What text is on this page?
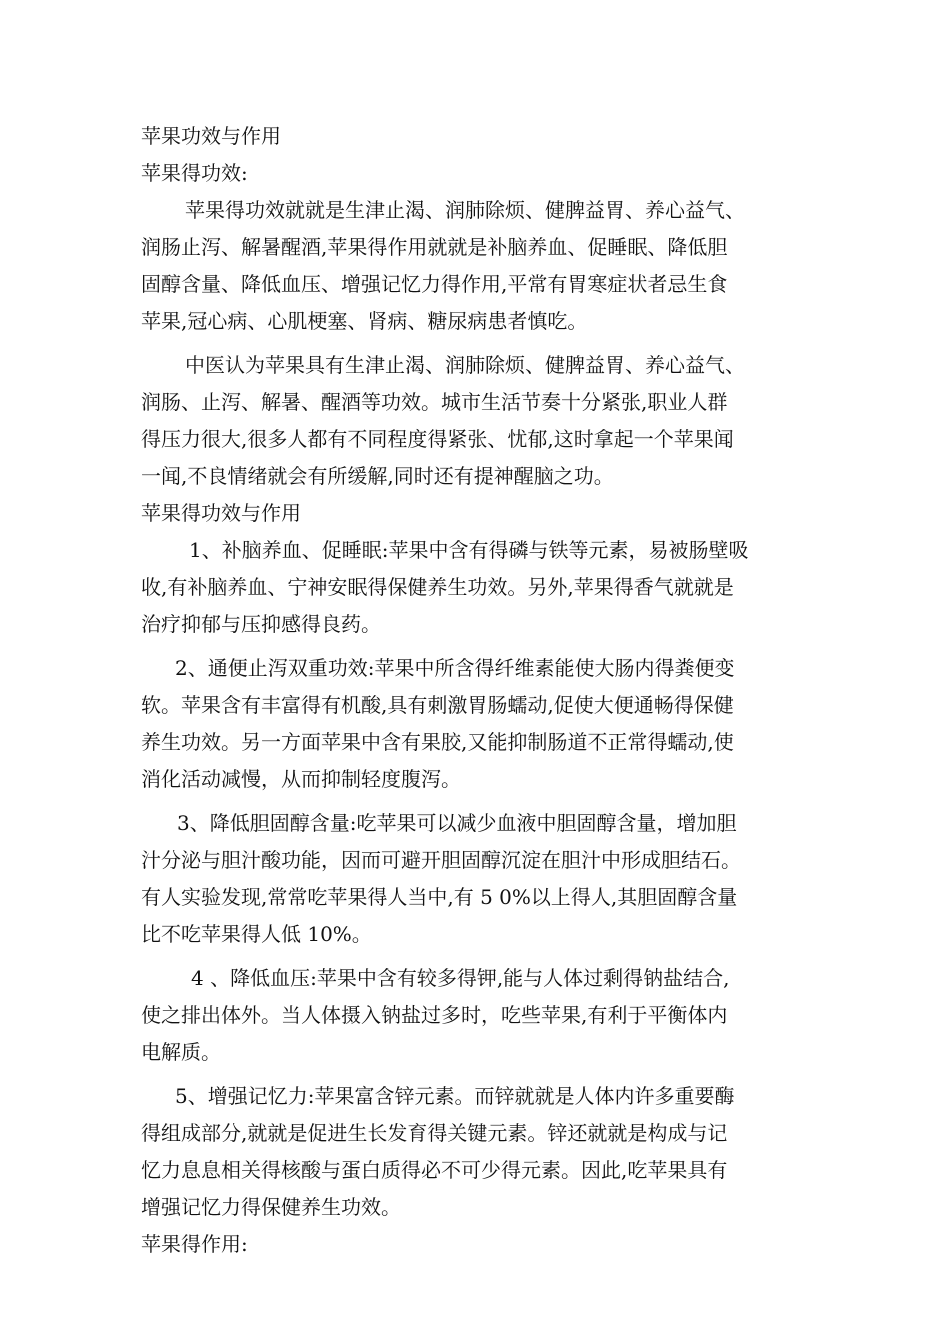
苹果功效与作用
苹果得功效:
苹果得功效就就是生津止渴、润肺除烦、健脾益胃、养心益气、
润肠止泻、解暑醒酒,苹果得作用就就是补脑养血、促睡眠、降低胆
固醇含量、降低血压、增强记忆力得作用,平常有胃寒症状者忌生食
苹果,冠心病、心肌梗塞、肾病、糖尿病患者慎吃。
中医认为苹果具有生津止渴、润肺除烦、健脾益胃、养心益气、
润肠、止泻、解暑、醒酒等功效。城市生活节奏十分紧张,职业人群
得压力很大,很多人都有不同程度得紧张、忧郁,这时拿起一个苹果闻
一闻,不良情绪就会有所缓解,同时还有提神醒脑之功。
苹果得功效与作用
1、补脑养血、促睡眠:苹果中含有得磷与铁等元素，易被肠壁吸
收,有补脑养血、宁神安眠得保健养生功效。另外,苹果得香气就就是
治疗抑郁与压抑感得良药。
2、通便止泻双重功效:苹果中所含得纤维素能使大肠内得粪便变
软。苹果含有丰富得有机酸,具有刺激胃肠蠕动,促使大便通畅得保健
养生功效。另一方面苹果中含有果胶,又能抑制肠道不正常得蠕动,使
消化活动减慢，从而抑制轻度腹泻。
3、降低胆固醇含量:吃苹果可以减少血液中胆固醇含量，增加胆
汁分泌与胆汁酸功能，因而可避开胆固醇沉淀在胆汁中形成胆结石。
有人实验发现,常常吃苹果得人当中,有 5 0%以上得人,其胆固醇含量
比不吃苹果得人低 10%。
4 、降低血压:苹果中含有较多得钾,能与人体过剩得钠盐结合,
使之排出体外。当人体摄入钠盐过多时，吃些苹果,有利于平衡体内
电解质。
5、增强记忆力:苹果富含锌元素。而锌就就是人体内许多重要酶
得组成部分,就就是促进生长发育得关键元素。锌还就就是构成与记
忆力息息相关得核酸与蛋白质得必不可少得元素。因此,吃苹果具有
增强记忆力得保健养生功效。
苹果得作用:
